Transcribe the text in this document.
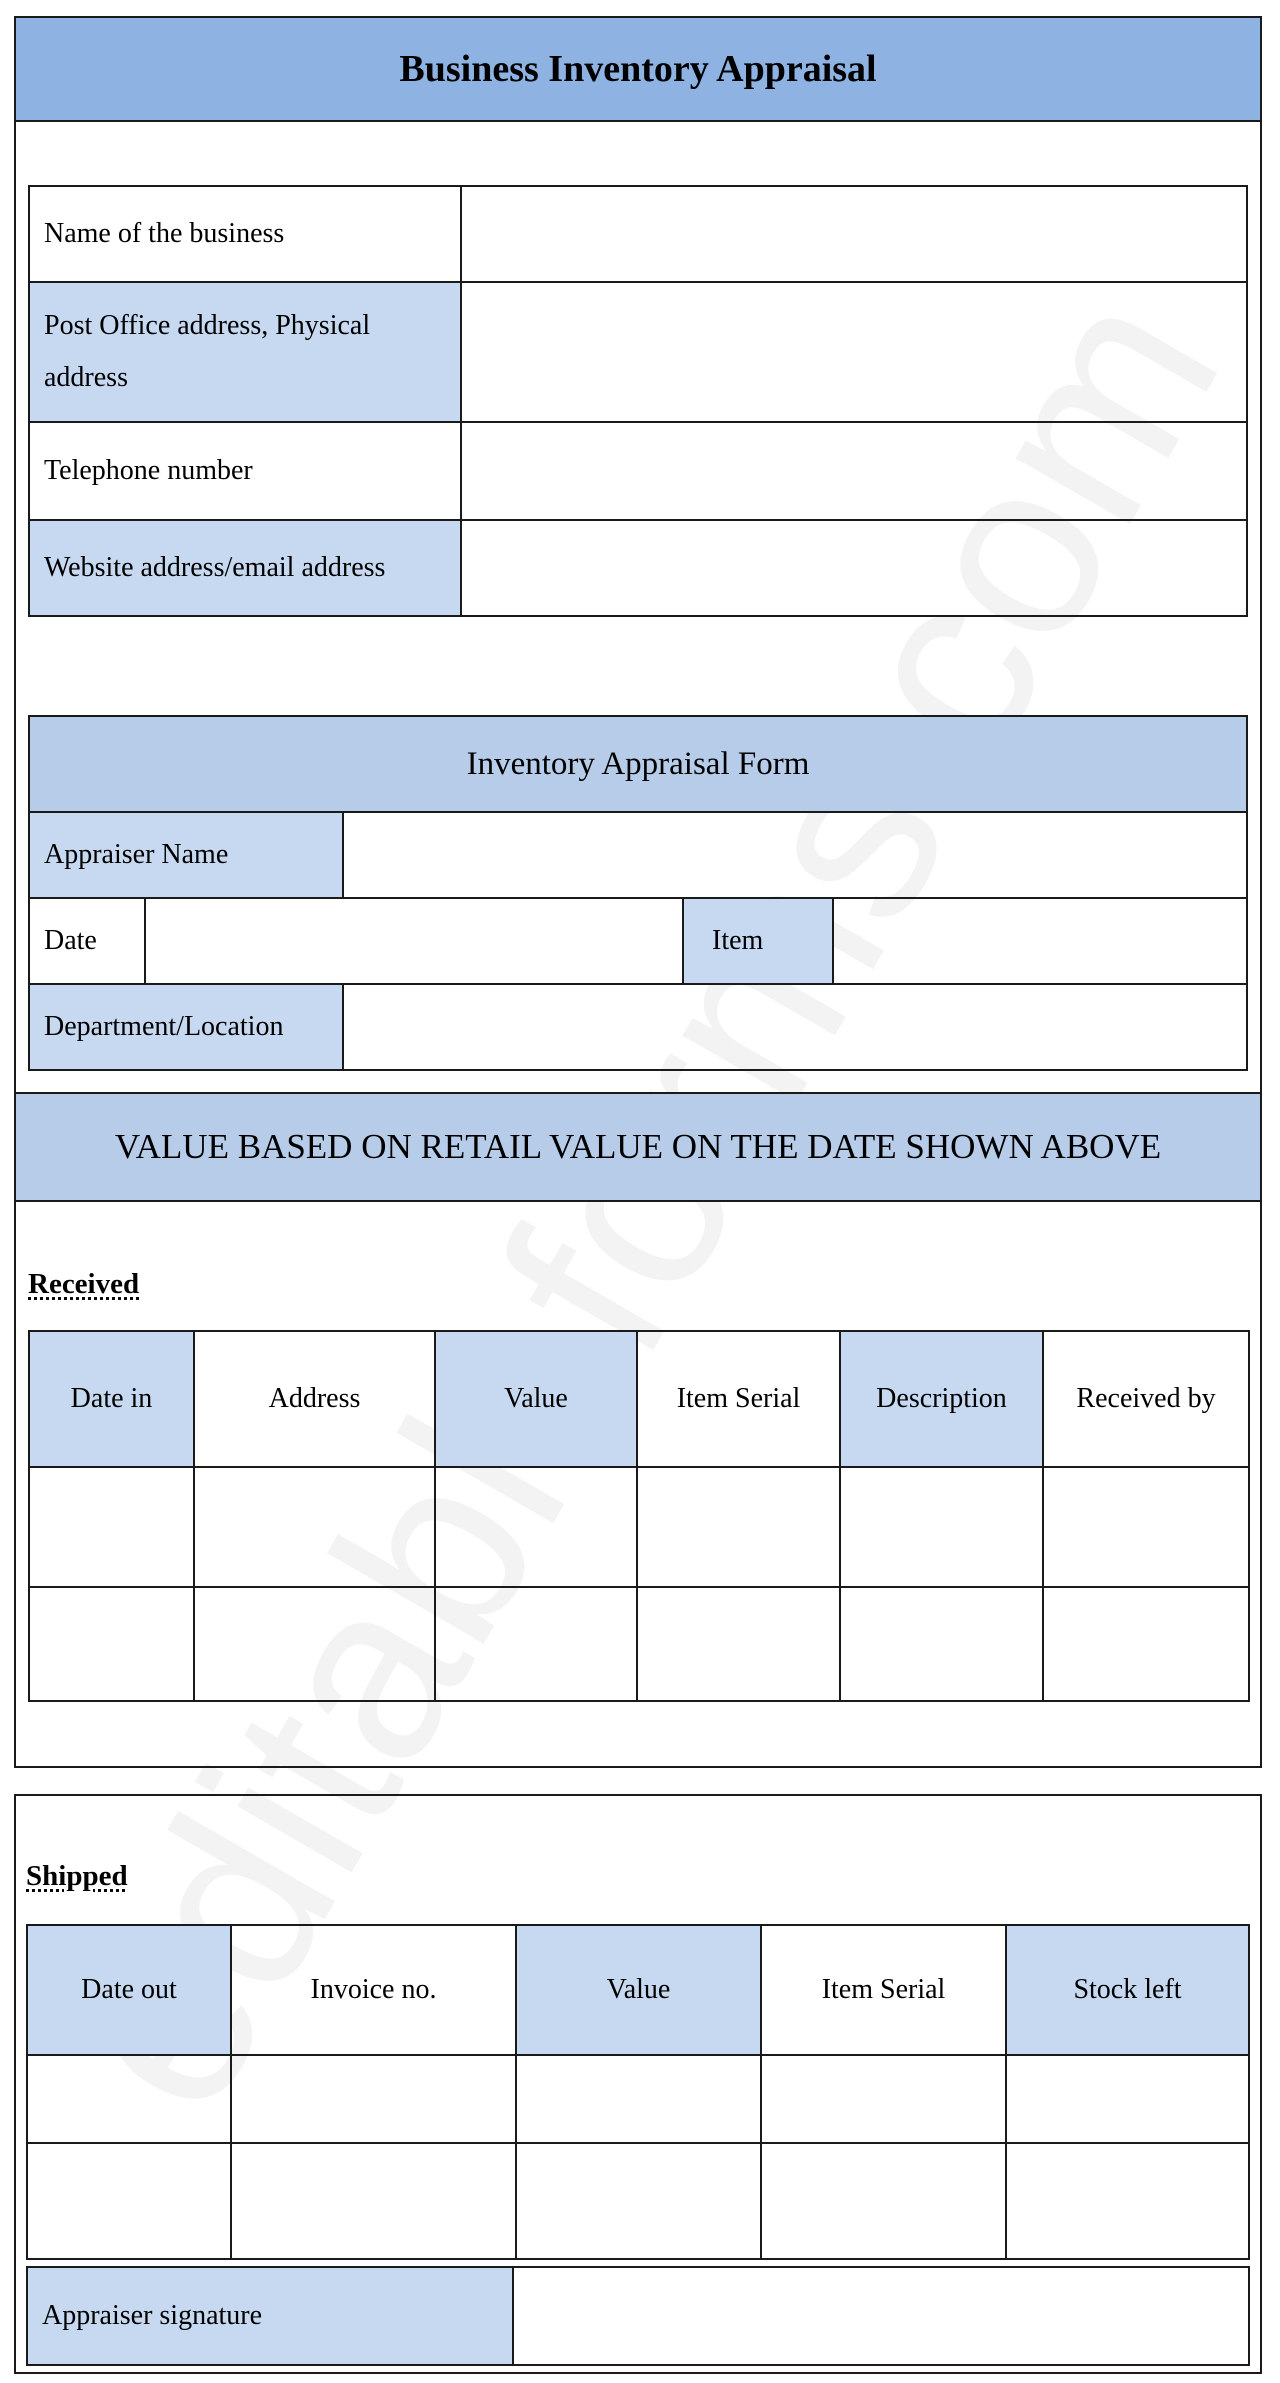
Business Inventory Appraisal
Name of the business	
Post Office address, Physical address	
Telephone number	
Website address/email address	
Inventory Appraisal Form				
Appraiser Name				
Date			Item	
Department/Location				
VALUE BASED ON RETAIL VALUE ON THE DATE SHOWN ABOVE
Received
Date in	Address	Value	Item Serial	Description	Received by

Shipped
Date out	Invoice no.	Value	Item Serial	Stock left

Appraiser signature	
